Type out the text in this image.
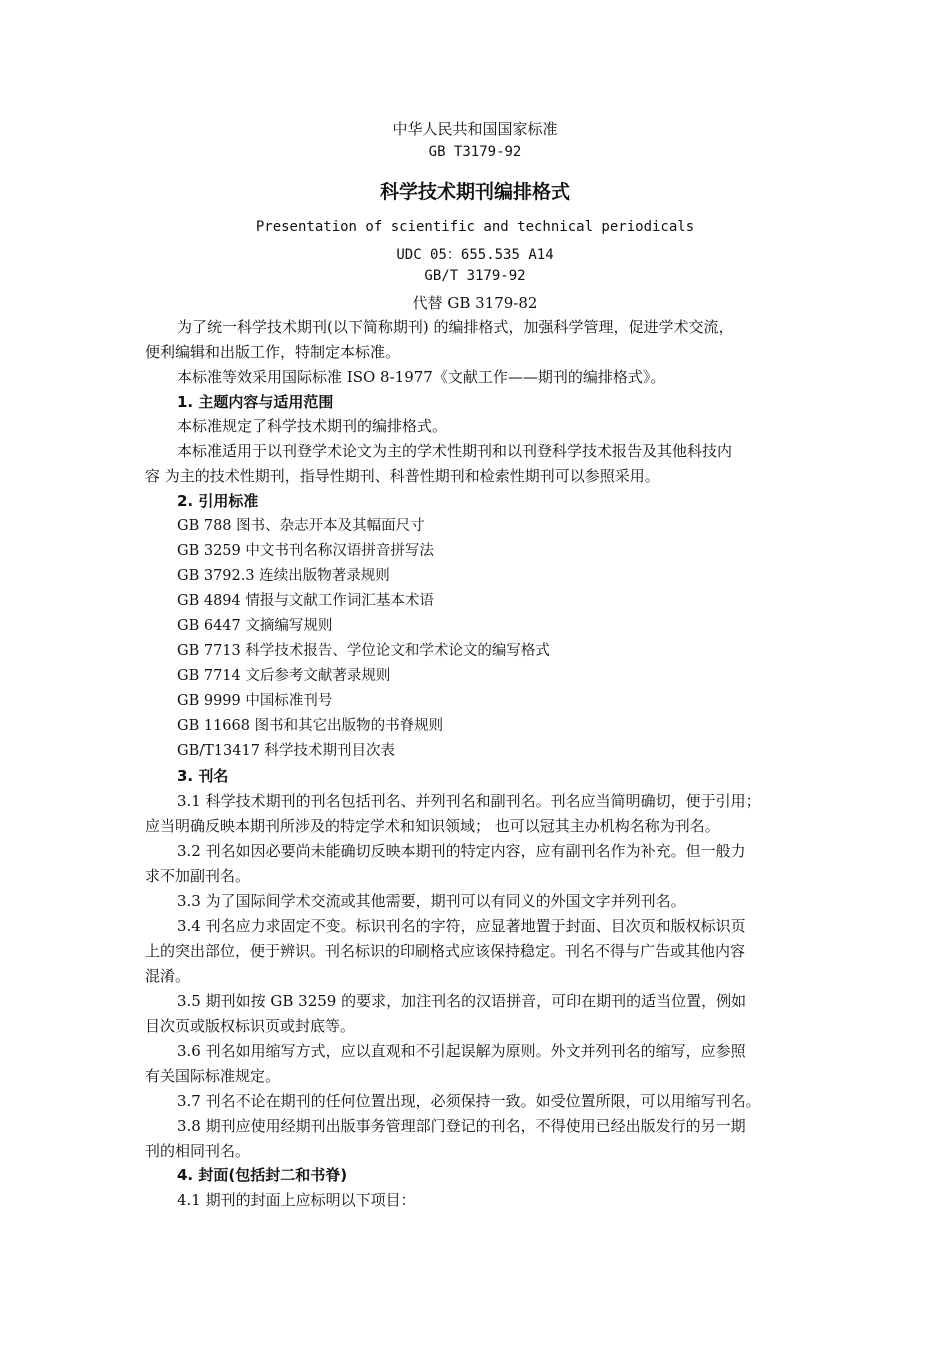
中华人民共和国国家标准
GB T3179-92
科学技术期刊编排格式
Presentation of scientific and technical periodicals
UDC 05：655.535 A14
GB/T 3179-92
代替 GB 3179-82
为了统一科学技术期刊(以下简称期刊) 的编排格式，加强科学管理，促进学术交流，
便利编辑和出版工作，特制定本标准。
本标准等效采用国际标准 ISO 8-1977《文献工作——期刊的编排格式》。
1. 主题内容与适用范围
本标准规定了科学技术期刊的编排格式。
本标准适用于以刊登学术论文为主的学术性期刊和以刊登科学技术报告及其他科技内
容 为主的技术性期刊，指导性期刊、科普性期刊和检索性期刊可以参照采用。
2. 引用标准
GB 788 图书、杂志开本及其幅面尺寸
GB 3259 中文书刊名称汉语拼音拼写法
GB 3792.3 连续出版物著录规则
GB 4894 情报与文献工作词汇基本术语
GB 6447 文摘编写规则
GB 7713 科学技术报告、学位论文和学术论文的编写格式
GB 7714 文后参考文献著录规则
GB 9999 中国标准刊号
GB 11668 图书和其它出版物的书脊规则
GB/T13417 科学技术期刊目次表
3. 刊名
3.1 科学技术期刊的刊名包括刊名、并列刊名和副刊名。刊名应当简明确切，便于引用；
应当明确反映本期刊所涉及的特定学术和知识领域； 也可以冠其主办机构名称为刊名。
3.2 刊名如因必要尚未能确切反映本期刊的特定内容，应有副刊名作为补充。但一般力
求不加副刊名。
3.3 为了国际间学术交流或其他需要，期刊可以有同义的外国文字并列刊名。
3.4 刊名应力求固定不变。标识刊名的字符，应显著地置于封面、目次页和版权标识页
上的突出部位，便于辨识。刊名标识的印刷格式应该保持稳定。刊名不得与广告或其他内容
混淆。
3.5 期刊如按 GB 3259 的要求，加注刊名的汉语拼音，可印在期刊的适当位置，例如
目次页或版权标识页或封底等。
3.6 刊名如用缩写方式，应以直观和不引起误解为原则。外文并列刊名的缩写，应参照
有关国际标准规定。
3.7 刊名不论在期刊的任何位置出现，必须保持一致。如受位置所限，可以用缩写刊名。
3.8 期刊应使用经期刊出版事务管理部门登记的刊名，不得使用已经出版发行的另一期
刊的相同刊名。
4. 封面(包括封二和书脊)
4.1 期刊的封面上应标明以下项目：
